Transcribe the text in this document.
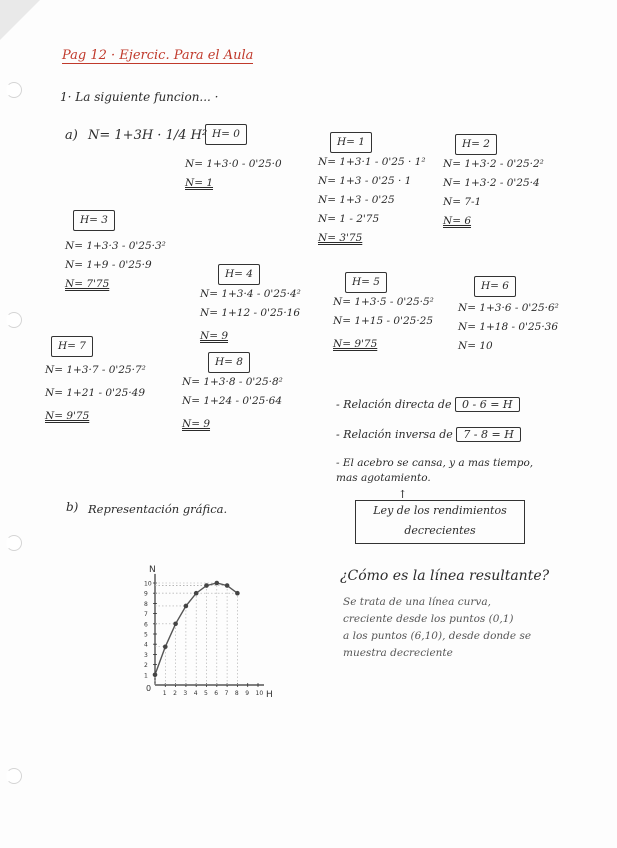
Pag 12 · Ejercic. Para el Aula
1· La siguiente funcion... ·
a) N= 1+3H · 1/4 H² H= 0
N= 1+3·0 - 0'25·0
N= 1
H= 1
N= 1+3·1 - 0'25 · 1²
N= 1+3 - 0'25 · 1
N= 1+3 - 0'25
N= 1 - 2'75
N= 3'75
H= 2
N= 1+3·2 - 0'25·2²
N= 1+3·2 - 0'25·4
N= 7-1
N= 6
H= 3
N= 1+3·3 - 0'25·3²
N= 1+9 - 0'25·9
N= 7'75
H= 4
N= 1+3·4 - 0'25·4²
N= 1+12 - 0'25·16
N= 9
H= 5
N= 1+3·5 - 0'25·5²
N= 1+15 - 0'25·25
N= 9'75
H= 6
N= 1+3·6 - 0'25·6²
N= 1+18 - 0'25·36
N= 10
H= 7
N= 1+3·7 - 0'25·7²
N= 1+21 - 0'25·49
N= 9'75
H= 8
N= 1+3·8 - 0'25·8²
N= 1+24 - 0'25·64
N= 9
- Relación directa de 0 - 6 = H
- Relación inversa de 7 - 8 = H
- El acebro se cansa, y a mas tiempo,
mas agotamiento.
↑
Ley de los rendimientos
decrecientes
b) Representación gráfica.
N
H
0
1 2 3 4 5 6 7 8 9 10
1
2
3
4
5
6
7
8
9
10	¿Cómo es la línea resultante?
Se trata de una línea curva,
creciente desde los puntos (0,1)
a los puntos (6,10), desde donde se
muestra decreciente
